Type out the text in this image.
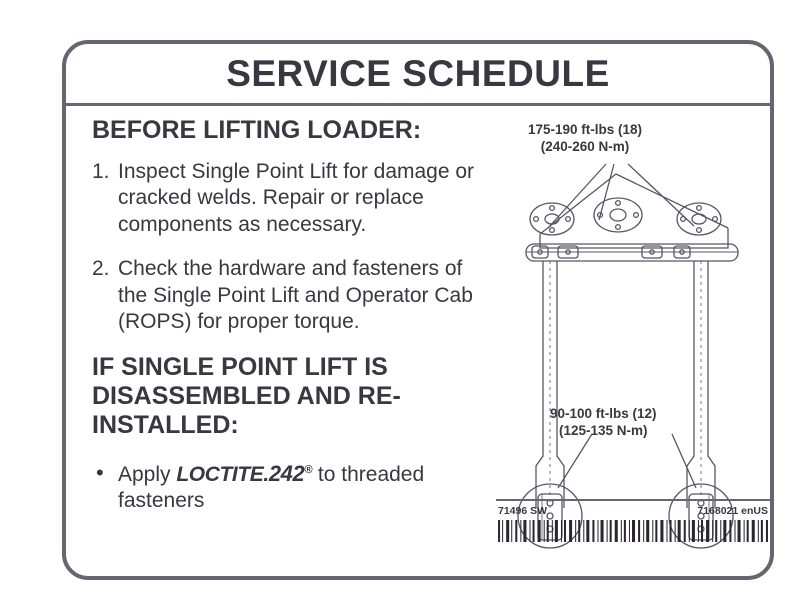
SERVICE SCHEDULE

BEFORE LIFTING LOADER:

1. Inspect Single Point Lift for damage or cracked welds. Repair or replace components as necessary.
2. Check the hardware and fasteners of the Single Point Lift and Operator Cab (ROPS) for proper torque.

IF SINGLE POINT LIFT IS DISASSEMBLED AND RE-INSTALLED:

• Apply LOCTITE.242® to threaded fasteners
175-190 ft-lbs (18)
(240-260 N-m)
90-100 ft-lbs (12)
(125-135 N-m)
71496 SW	7168021 enUS
